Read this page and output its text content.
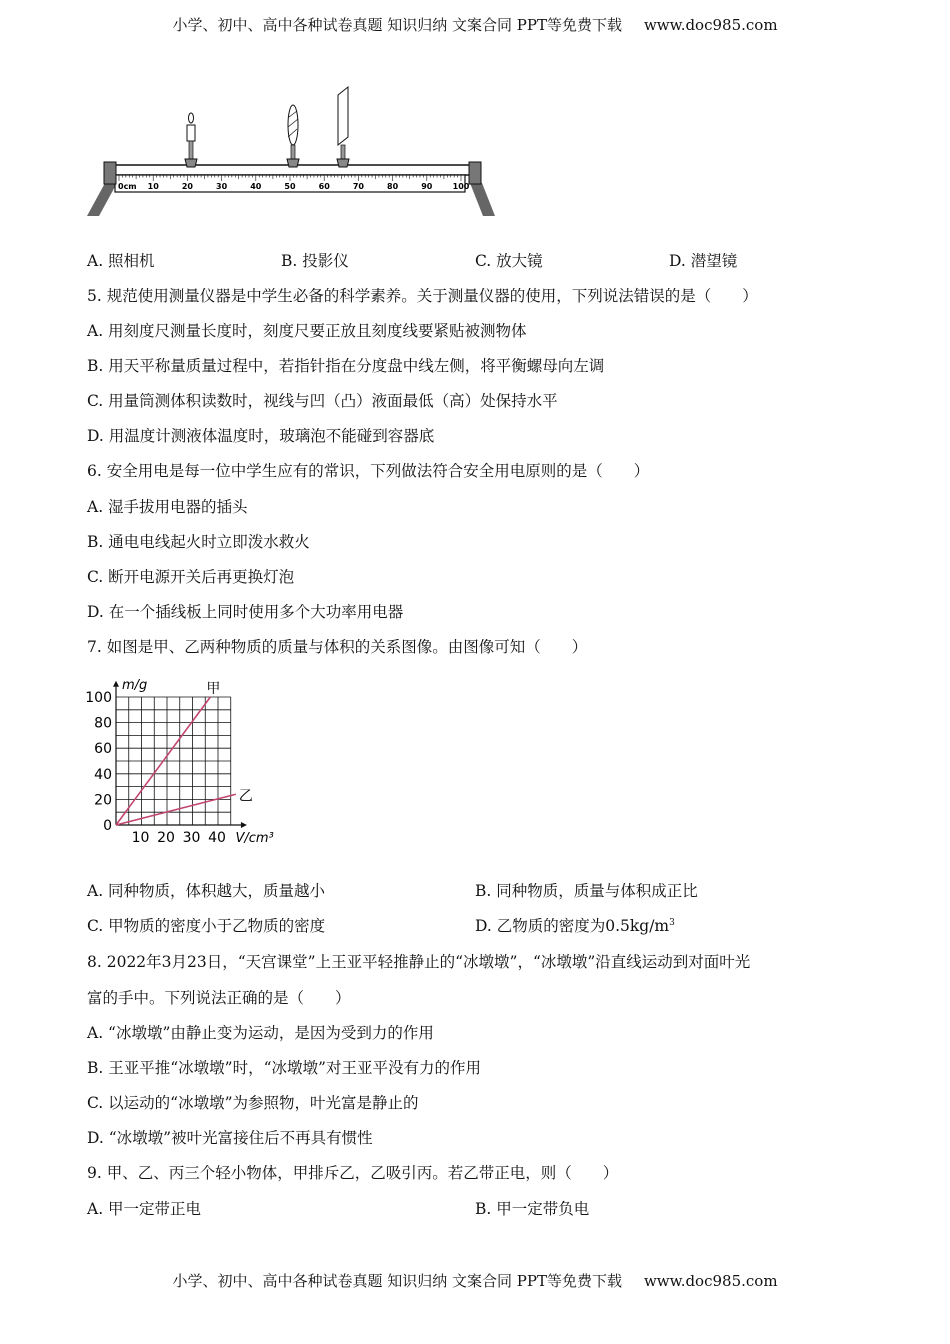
小学、初中、高中各种试卷真题 知识归纳 文案合同 PPT等免费下载 www.doc985.com
0cm 10	20	30	40	50	60	70	80	90	100
A. 照相机	B. 投影仪	C. 放大镜	D. 潜望镜
5. 规范使用测量仪器是中学生必备的科学素养。关于测量仪器的使用，下列说法错误的是（　　）
A. 用刻度尺测量长度时，刻度尺要正放且刻度线要紧贴被测物体
B. 用天平称量质量过程中，若指针指在分度盘中线左侧，将平衡螺母向左调
C. 用量筒测体积读数时，视线与凹（凸）液面最低（高）处保持水平
D. 用温度计测液体温度时，玻璃泡不能碰到容器底
6. 安全用电是每一位中学生应有的常识，下列做法符合安全用电原则的是（　　）
A. 湿手拔用电器的插头
B. 通电电线起火时立即泼水救火
C. 断开电源开关后再更换灯泡
D. 在一个插线板上同时使用多个大功率用电器
7. 如图是甲、乙两种物质的质量与体积的关系图像。由图像可知（　　）
0
20
40
60
80
100
10 20 30 40
m/g
V/cm³
甲
乙
A. 同种物质，体积越大，质量越小	B. 同种物质，质量与体积成正比
C. 甲物质的密度小于乙物质的密度	D. 乙物质的密度为$0.5kg/m^3$
8. 2022年3月23日，“天宫课堂”上王亚平轻推静止的“冰墩墩”，“冰墩墩”沿直线运动到对面叶光
富的手中。下列说法正确的是（　　）
A. “冰墩墩”由静止变为运动，是因为受到力的作用
B. 王亚平推“冰墩墩”时，“冰墩墩”对王亚平没有力的作用
C. 以运动的“冰墩墩”为参照物，叶光富是静止的
D. “冰墩墩”被叶光富接住后不再具有惯性
9. 甲、乙、丙三个轻小物体，甲排斥乙，乙吸引丙。若乙带正电，则（　　）
A. 甲一定带正电	B. 甲一定带负电
小学、初中、高中各种试卷真题 知识归纳 文案合同 PPT等免费下载 www.doc985.com
